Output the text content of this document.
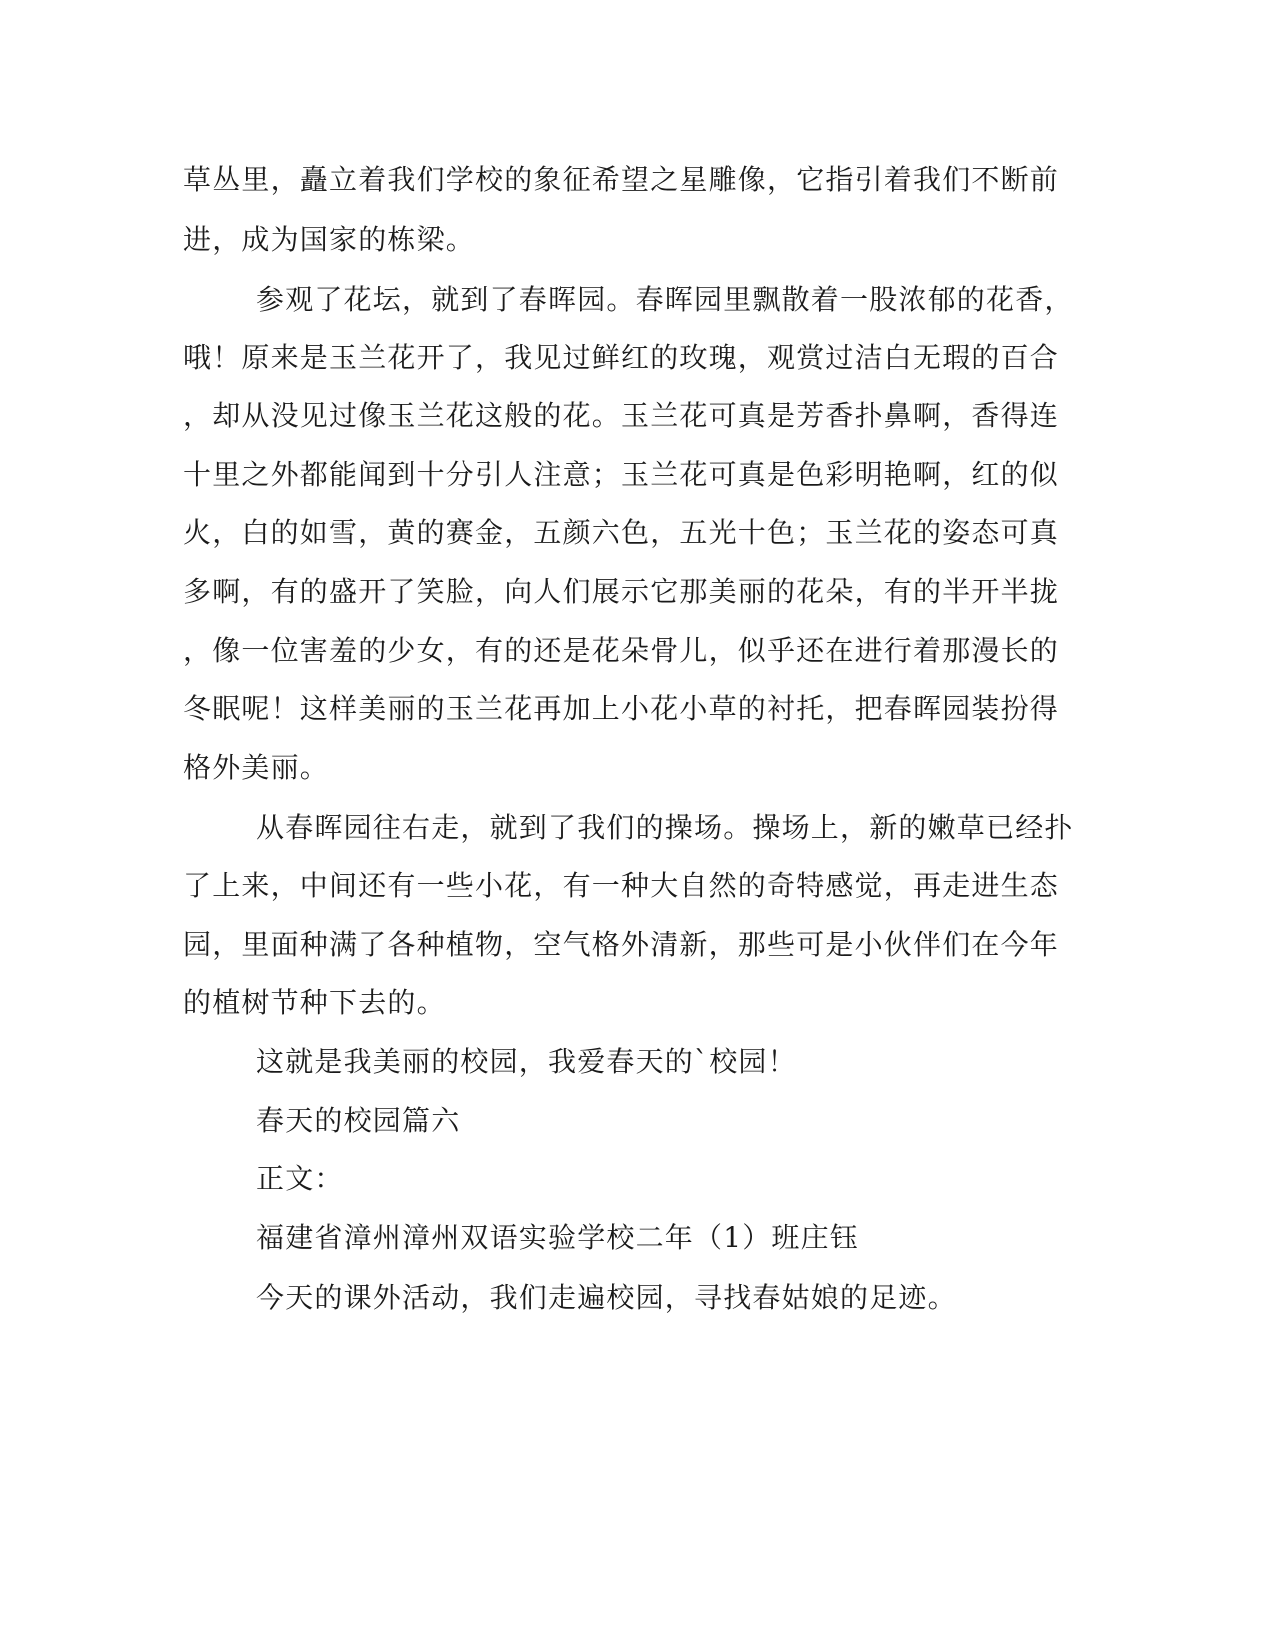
草丛里，矗立着我们学校的象征希望之星雕像，它指引着我们不断前

进，成为国家的栋梁。

参观了花坛，就到了春晖园。春晖园里飘散着一股浓郁的花香，

哦！原来是玉兰花开了，我见过鲜红的玫瑰，观赏过洁白无瑕的百合

，却从没见过像玉兰花这般的花。玉兰花可真是芳香扑鼻啊，香得连

十里之外都能闻到十分引人注意；玉兰花可真是色彩明艳啊，红的似

火，白的如雪，黄的赛金，五颜六色，五光十色；玉兰花的姿态可真

多啊，有的盛开了笑脸，向人们展示它那美丽的花朵，有的半开半拢

，像一位害羞的少女，有的还是花朵骨儿，似乎还在进行着那漫长的

冬眠呢！这样美丽的玉兰花再加上小花小草的衬托，把春晖园装扮得

格外美丽。

从春晖园往右走，就到了我们的操场。操场上，新的嫩草已经扑

了上来，中间还有一些小花，有一种大自然的奇特感觉，再走进生态

园，里面种满了各种植物，空气格外清新，那些可是小伙伴们在今年

的植树节种下去的。

这就是我美丽的校园，我爱春天的`校园！

春天的校园篇六

正文：

福建省漳州漳州双语实验学校二年（1）班庄钰

今天的课外活动，我们走遍校园，寻找春姑娘的足迹。
